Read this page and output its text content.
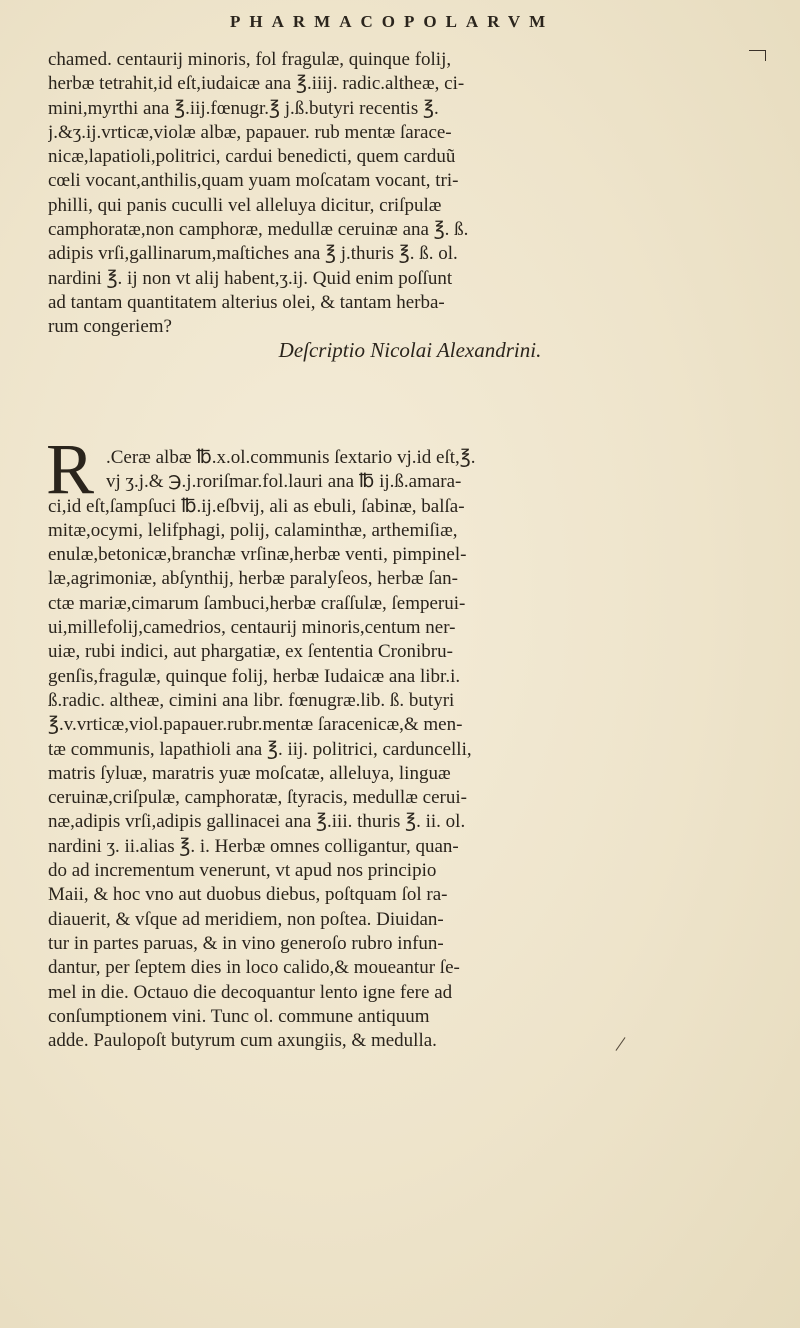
PHARMACOPOLARVM
chamed. centaurij minoris, fol fragulæ, quinque folij,
herbæ tetrahit,id eſt,iudaicæ ana ℥.iiij. radic.altheæ, ci-
mini,myrthi ana ℥.iij.fœnugr.℥ j.ß.butyri recentis ℥.
j.&ʒ.ij.vrticæ,violæ albæ, papauer. rub mentæ ſarace-
nicæ,lapatioli,politrici, cardui benedicti, quem carduũ
cœli vocant,anthilis,quam yuam moſcatam vocant, tri-
philli, qui panis cuculli vel alleluya dicitur, criſpulæ
camphoratæ,non camphoræ, medullæ ceruinæ ana ℥. ß.
adipis vrſi,gallinarum,maſtiches ana ℥ j.thuris ℥. ß. ol.
nardini ℥. ij non vt alij habent,ʒ.ij. Quid enim poſſunt
ad tantam quantitatem alterius olei, & tantam herba-
rum congeriem?
Deſcriptio Nicolai Alexandrini.
R .Ceræ albæ ℔.x.ol.communis ſextario vj.id eſt,℥.
vj ʒ.j.& ℈.j.roriſmar.fol.lauri ana ℔ ij.ß.amara-
ci,id eſt,ſampſuci ℔.ij.eſbvij, ali as ebuli, ſabinæ, balſa-
mitæ,ocymi, lelifphagi, polij, calaminthæ, arthemiſiæ,
enulæ,betonicæ,branchæ vrſinæ,herbæ venti, pimpinel-
læ,agrimoniæ, abſynthij, herbæ paralyſeos, herbæ ſan-
ctæ mariæ,cimarum ſambuci,herbæ craſſulæ, ſemperui-
ui,millefolij,camedrios, centaurij minoris,centum ner-
uiæ, rubi indici, aut phargatiæ, ex ſententia Cronibru-
genſis,fragulæ, quinque folij, herbæ Iudaicæ ana libr.i.
ß.radic. altheæ, cimini ana libr. fœnugræ.lib. ß. butyri
℥.v.vrticæ,viol.papauer.rubr.mentæ ſaracenicæ,& men-
tæ communis, lapathioli ana ℥. iij. politrici, carduncelli,
matris ſyluæ, maratris yuæ moſcatæ, alleluya, linguæ
ceruinæ,criſpulæ, camphoratæ, ſtyracis, medullæ cerui-
næ,adipis vrſi,adipis gallinacei ana ℥.iii. thuris ℥. ii. ol.
nardini ʒ. ii.alias ℥. i. Herbæ omnes colligantur, quan-
do ad incrementum venerunt, vt apud nos principio
Maii, & hoc vno aut duobus diebus, poſtquam ſol ra-
diauerit, & vſque ad meridiem, non poſtea. Diuidan-
tur in partes paruas, & in vino generoſo rubro infun-
dantur, per ſeptem dies in loco calido,& moueantur ſe-
mel in die. Octauo die decoquantur lento igne fere ad
conſumptionem vini. Tunc ol. commune antiquum
adde. Paulopoſt butyrum cum axungiis, & medulla.
